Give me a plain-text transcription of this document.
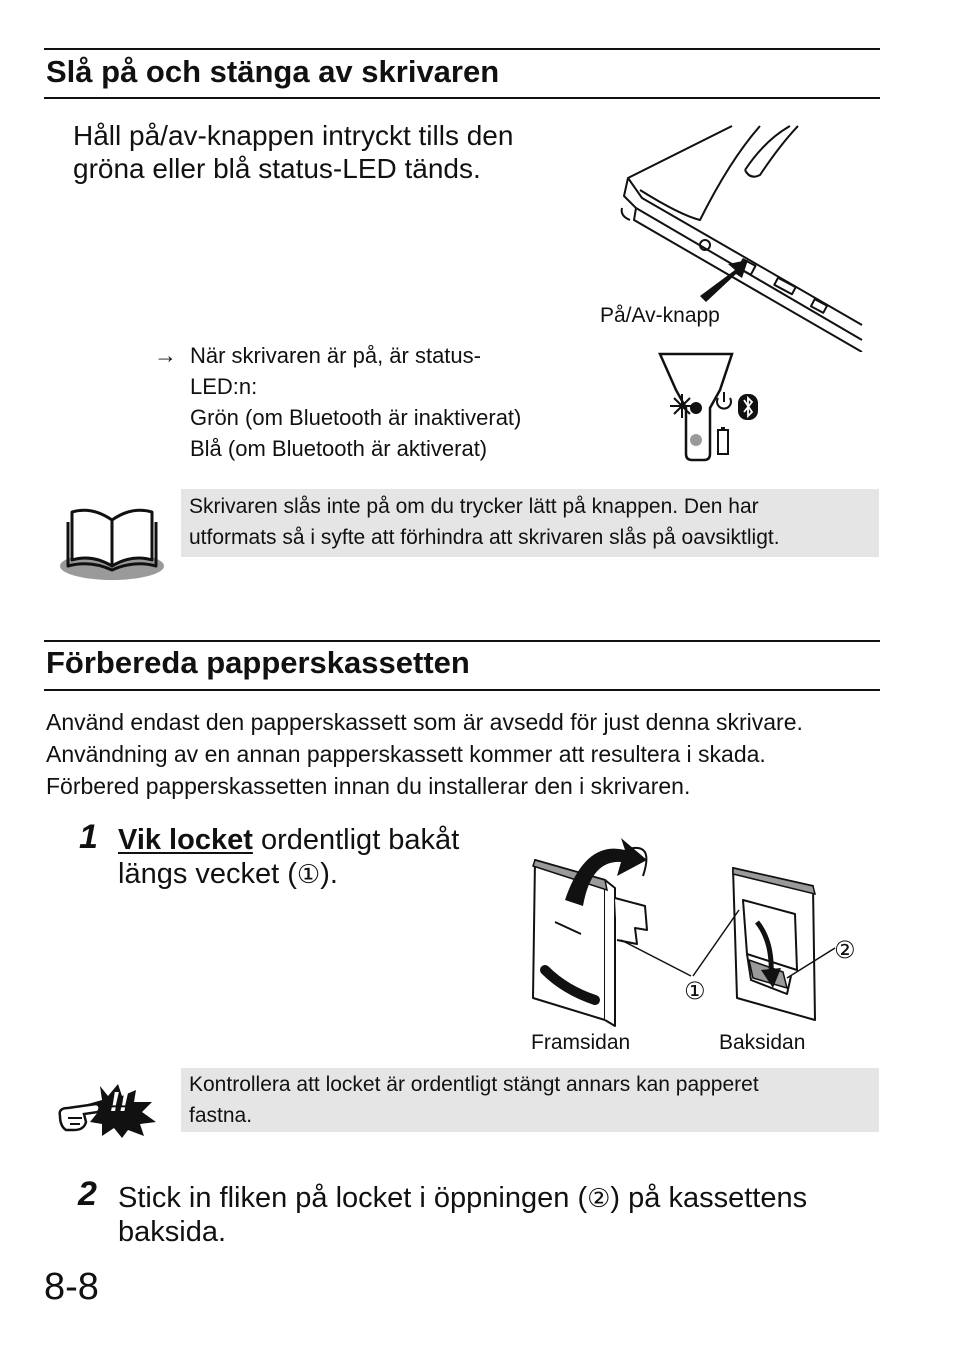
Slå på och stänga av skrivaren
Håll på/av-knappen intryckt tills den
gröna eller blå status-LED tänds.
På/Av-knapp
→ När skrivaren är på, är status-
LED:n:
Grön (om Bluetooth är inaktiverat)
Blå (om Bluetooth är aktiverat)
Skrivaren slås inte på om du trycker lätt på knappen. Den har
utformats så i syfte att förhindra att skrivaren slås på oavsiktligt.
Förbereda papperskassetten
Använd endast den papperskassett som är avsedd för just denna skrivare.
Användning av en annan papperskassett kommer att resultera i skada.
Förbered papperskassetten innan du installerar den i skrivaren.
1 Vik locket ordentligt bakåt
längs vecket (①).
①
②
Framsidan	Baksidan
!!
Kontrollera att locket är ordentligt stängt annars kan papperet
fastna.
2 Stick in fliken på locket i öppningen (②) på kassettens
baksida.
8-8
